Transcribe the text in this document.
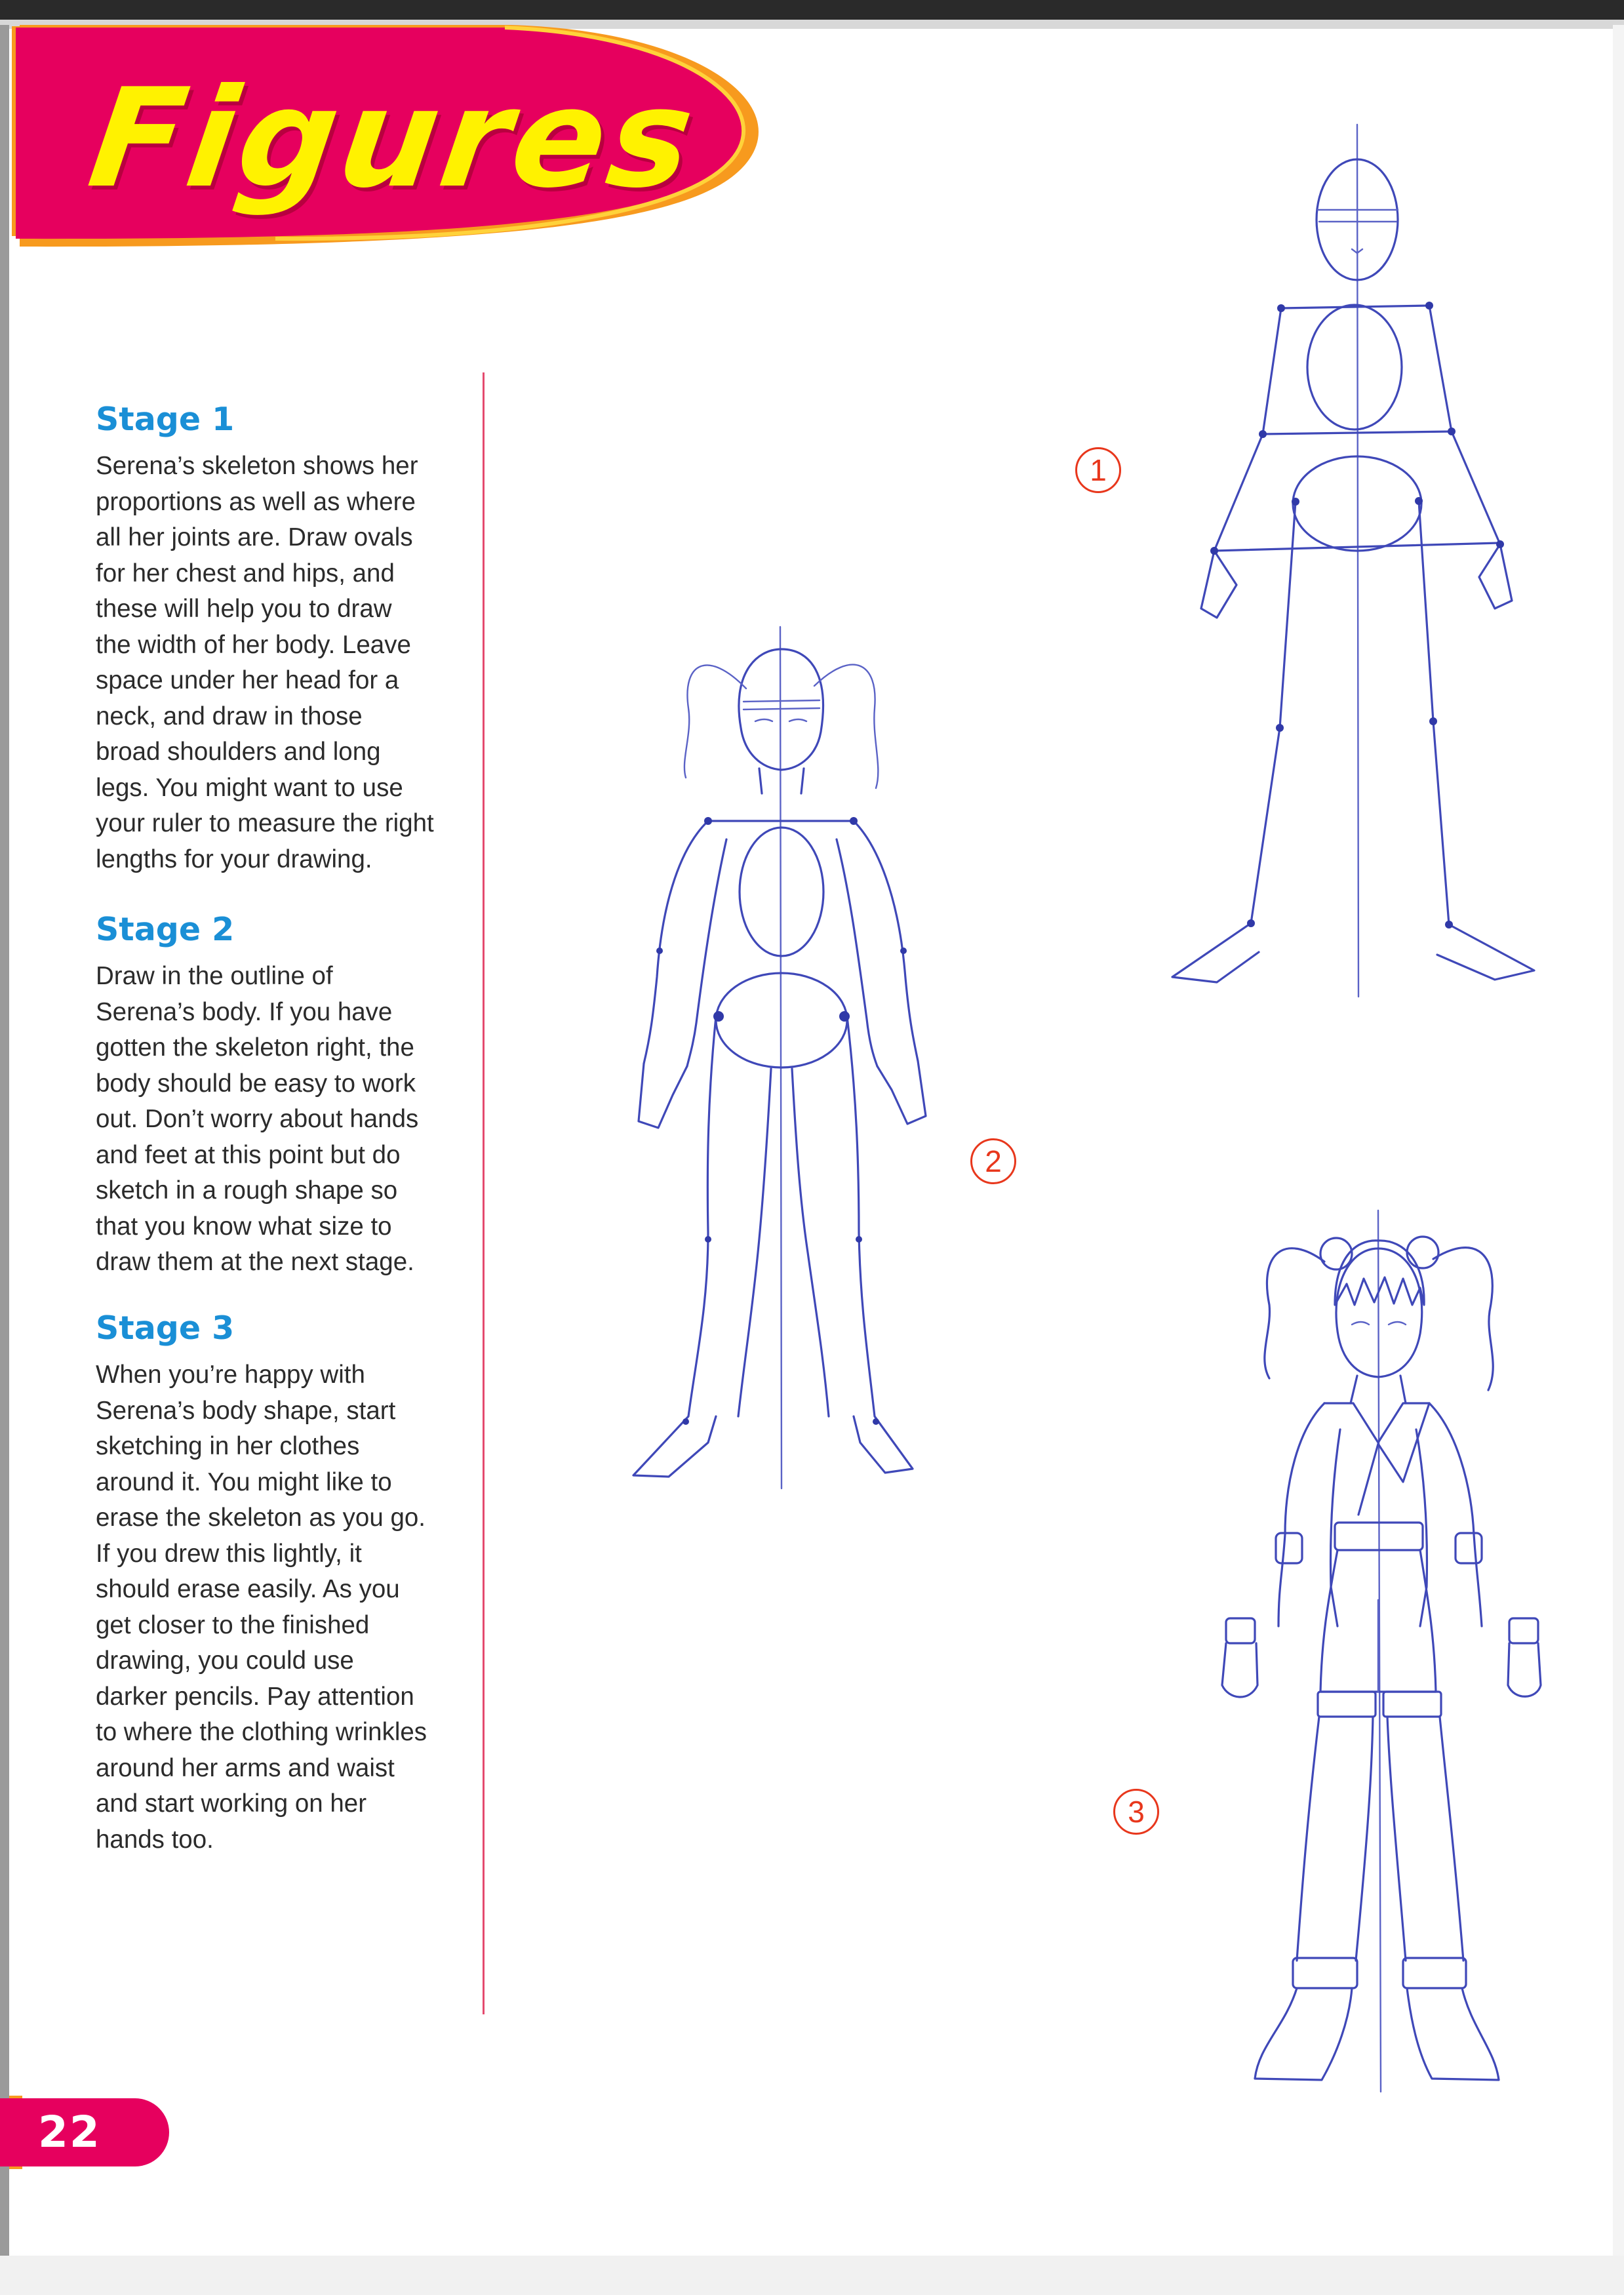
Figures
Stage 1

Serena’s skeleton shows her
proportions as well as where
all her joints are. Draw ovals
for her chest and hips, and
these will help you to draw
the width of her body. Leave
space under her head for a
neck, and draw in those
broad shoulders and long
legs. You might want to use
your ruler to measure the right
lengths for your drawing.

Stage 2

Draw in the outline of
Serena’s body. If you have
gotten the skeleton right, the
body should be easy to work
out. Don’t worry about hands
and feet at this point but do
sketch in a rough shape so
that you know what size to
draw them at the next stage.

Stage 3

When you’re happy with
Serena’s body shape, start
sketching in her clothes
around it. You might like to
erase the skeleton as you go.
If you drew this lightly, it
should erase easily. As you
get closer to the finished
drawing, you could use
darker pencils. Pay attention
to where the clothing wrinkles
around her arms and waist
and start working on her
hands too.

1
2
3
22
